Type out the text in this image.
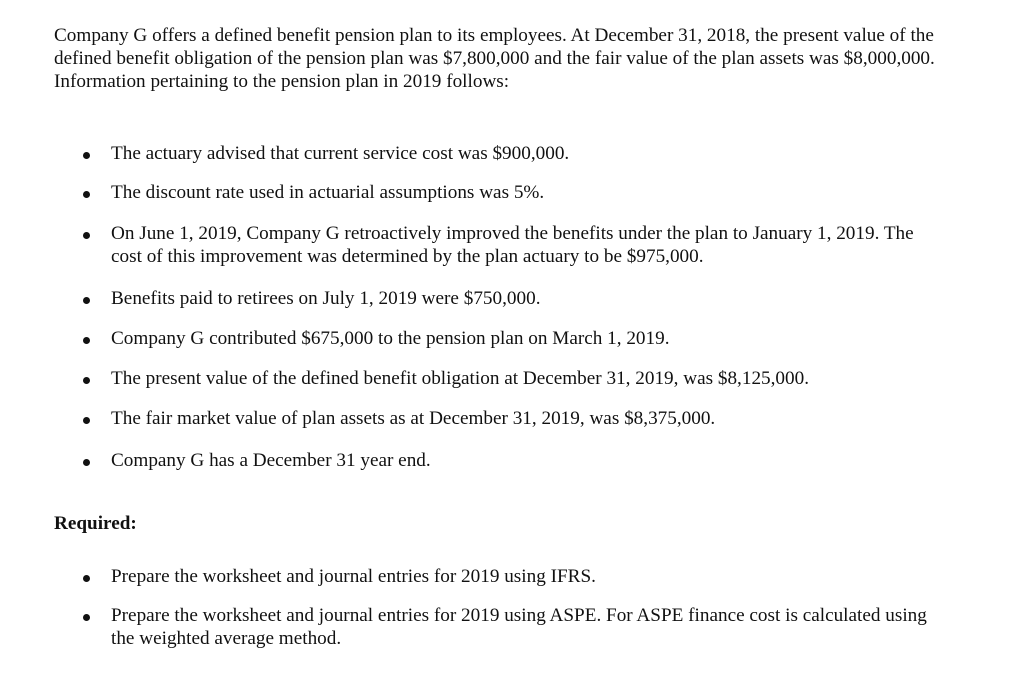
Company G offers a defined benefit pension plan to its employees. At December 31, 2018, the present value of the
defined benefit obligation of the pension plan was $7,800,000 and the fair value of the plan assets was $8,000,000.
Information pertaining to the pension plan in 2019 follows:
The actuary advised that current service cost was $900,000.
The discount rate used in actuarial assumptions was 5%.
On June 1, 2019, Company G retroactively improved the benefits under the plan to January 1, 2019. The
cost of this improvement was determined by the plan actuary to be $975,000.
Benefits paid to retirees on July 1, 2019 were $750,000.
Company G contributed $675,000 to the pension plan on March 1, 2019.
The present value of the defined benefit obligation at December 31, 2019, was $8,125,000.
The fair market value of plan assets as at December 31, 2019, was $8,375,000.
Company G has a December 31 year end.
Required:
Prepare the worksheet and journal entries for 2019 using IFRS.
Prepare the worksheet and journal entries for 2019 using ASPE. For ASPE finance cost is calculated using
the weighted average method.
